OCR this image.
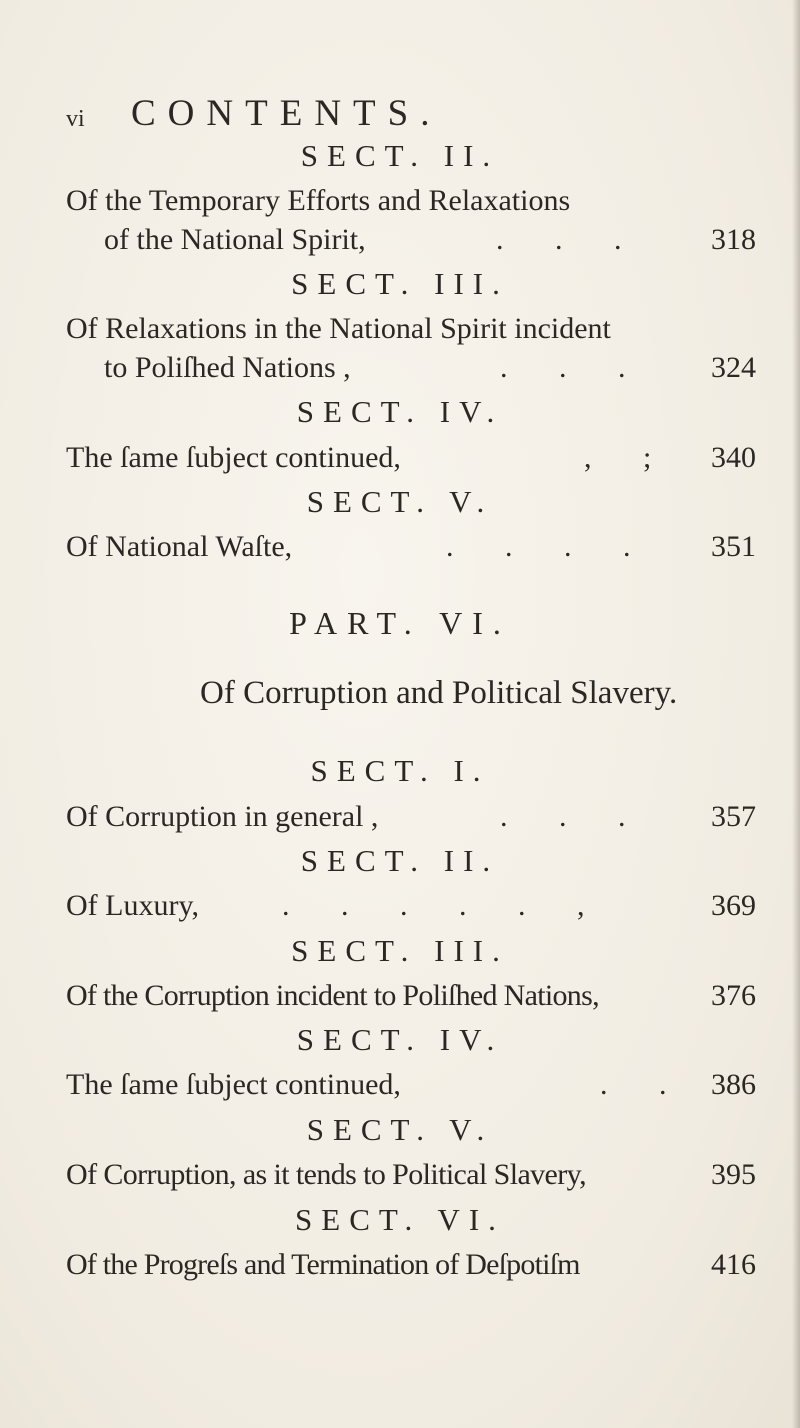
vi CONTENTS.
SECT. II.
Of the Temporary Efforts and Relaxations
of the National Spirit,	. . . 318
SECT. III.
Of Relaxations in the National Spirit incident
to Poliſhed Nations ,	. . . 324
SECT. IV.
The ſame ſubject continued,	, ; 340
SECT. V.
Of National Waſte,	. . . . 351
PART. VI.
Of Corruption and Political Slavery.
SECT. I.
Of Corruption in general ,	. . . 357
SECT. II.
Of Luxury,	. . . . . ,	369
SECT. III.
Of the Corruption incident to Poliſhed Nations,	376
SECT. IV.
The ſame ſubject continued,	. . 386
SECT. V.
Of Corruption, as it tends to Political Slavery,	395
SECT. VI.
Of the Progreſs and Termination of Deſpotiſm	416
